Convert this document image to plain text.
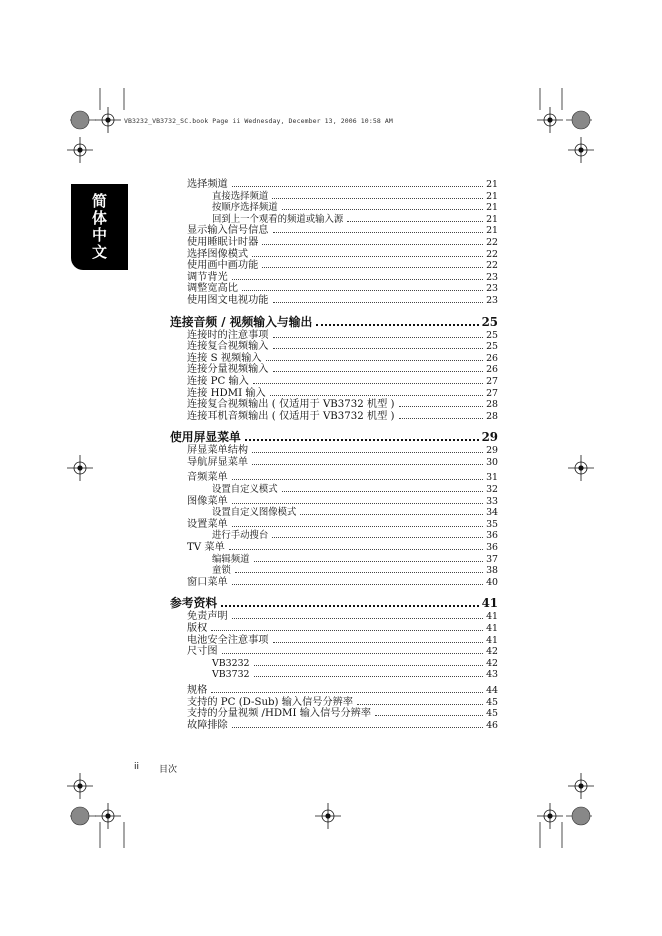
VB3232_VB3732_SC.book Page ii Wednesday, December 13, 2006 10:58 AM
简体中文
选择频道	21
直接选择频道	21
按顺序选择频道	21
回到上一个观看的频道或输入源	21
显示输入信号信息	21
使用睡眠计时器	22
选择图像模式	22
使用画中画功能	22
调节背光	23
调整宽高比	23
使用图文电视功能	23
连接音频 / 视频输入与输出	25
连接时的注意事项	25
连接复合视频输入	25
连接 S 视频输入	26
连接分量视频输入	26
连接 PC 输入	27
连接 HDMI 输入	27
连接复合视频输出 ( 仅适用于 VB3732 机型 )	28
连接耳机音频输出 ( 仅适用于 VB3732 机型 )	28
使用屏显菜单	29
屏显菜单结构	29
导航屏显菜单	30
音频菜单	31
设置自定义模式	32
图像菜单	33
设置自定义图像模式	34
设置菜单	35
进行手动搜台	36
TV 菜单	36
编辑频道	37
童锁	38
窗口菜单	40
参考资料	41
免责声明	41
版权	41
电池安全注意事项	41
尺寸图	42
VB3232	42
VB3732	43
规格	44
支持的 PC (D-Sub) 输入信号分辨率	45
支持的分量视频 /HDMI 输入信号分辨率	45
故障排除	46
ii 目次
